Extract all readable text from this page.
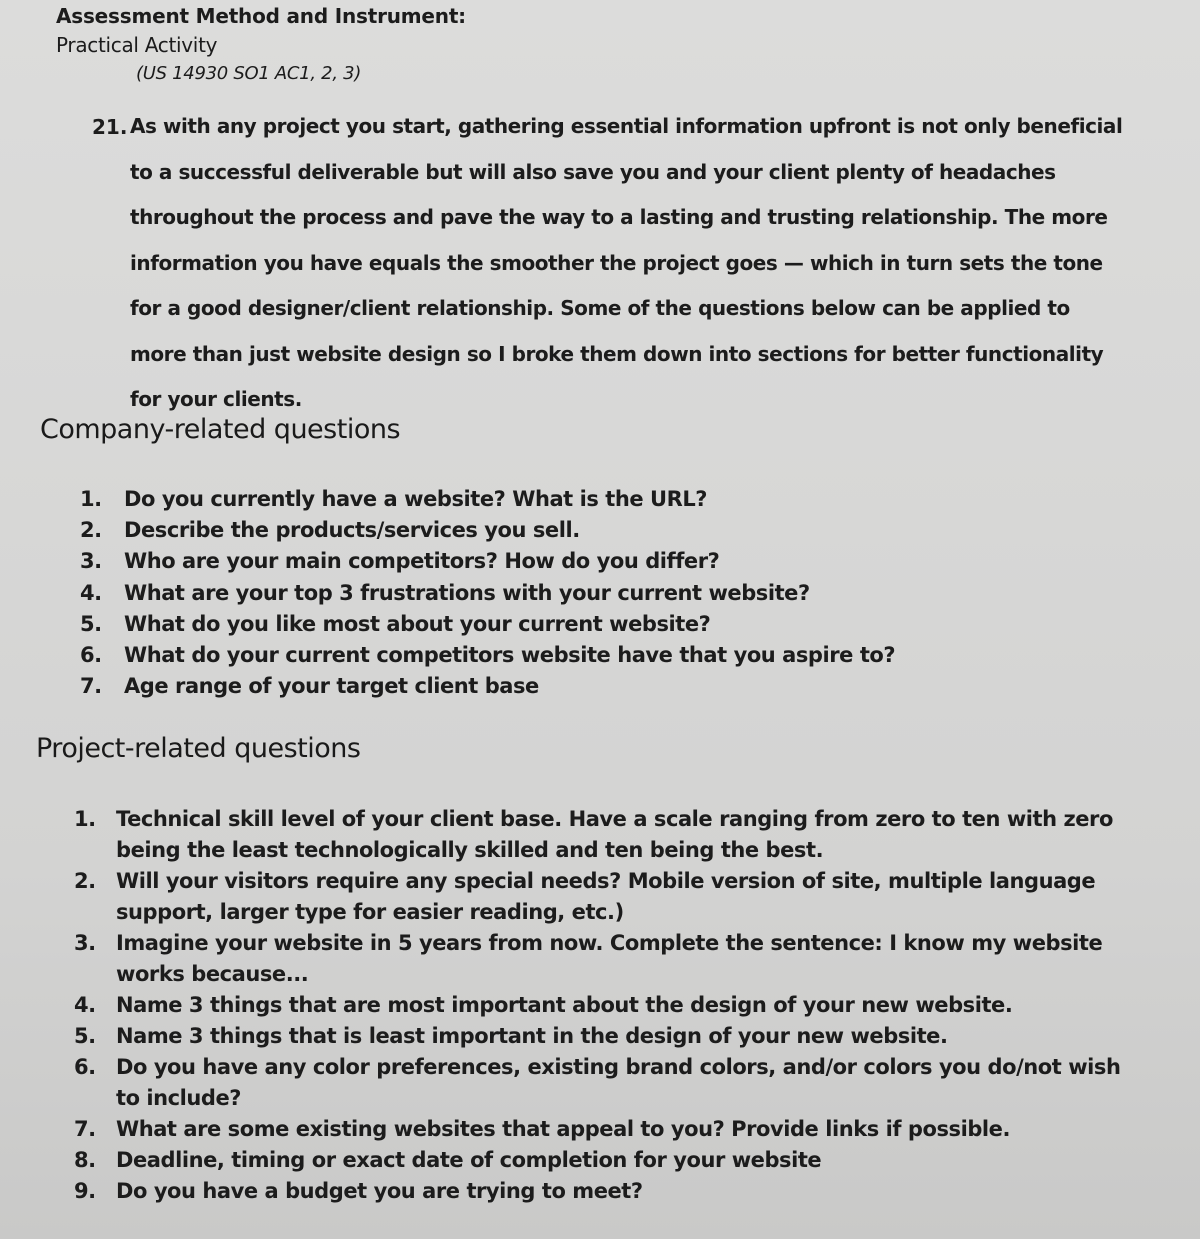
Assessment Method and Instrument:
Practical Activity
(US 14930 SO1 AC1, 2, 3)
21. As with any project you start, gathering essential information upfront is not only beneficial to a successful deliverable but will also save you and your client plenty of headaches throughout the process and pave the way to a lasting and trusting relationship. The more information you have equals the smoother the project goes — which in turn sets the tone for a good designer/client relationship. Some of the questions below can be applied to more than just website design so I broke them down into sections for better functionality for your clients.
Company-related questions
1. Do you currently have a website? What is the URL?
2. Describe the products/services you sell.
3. Who are your main competitors? How do you differ?
4. What are your top 3 frustrations with your current website?
5. What do you like most about your current website?
6. What do your current competitors website have that you aspire to?
7. Age range of your target client base
Project-related questions
1. Technical skill level of your client base. Have a scale ranging from zero to ten with zero being the least technologically skilled and ten being the best.
2. Will your visitors require any special needs? Mobile version of site, multiple language support, larger type for easier reading, etc.)
3. Imagine your website in 5 years from now. Complete the sentence: I know my website works because...
4. Name 3 things that are most important about the design of your new website.
5. Name 3 things that is least important in the design of your new website.
6. Do you have any color preferences, existing brand colors, and/or colors you do/not wish to include?
7. What are some existing websites that appeal to you? Provide links if possible.
8. Deadline, timing or exact date of completion for your website
9. Do you have a budget you are trying to meet?
